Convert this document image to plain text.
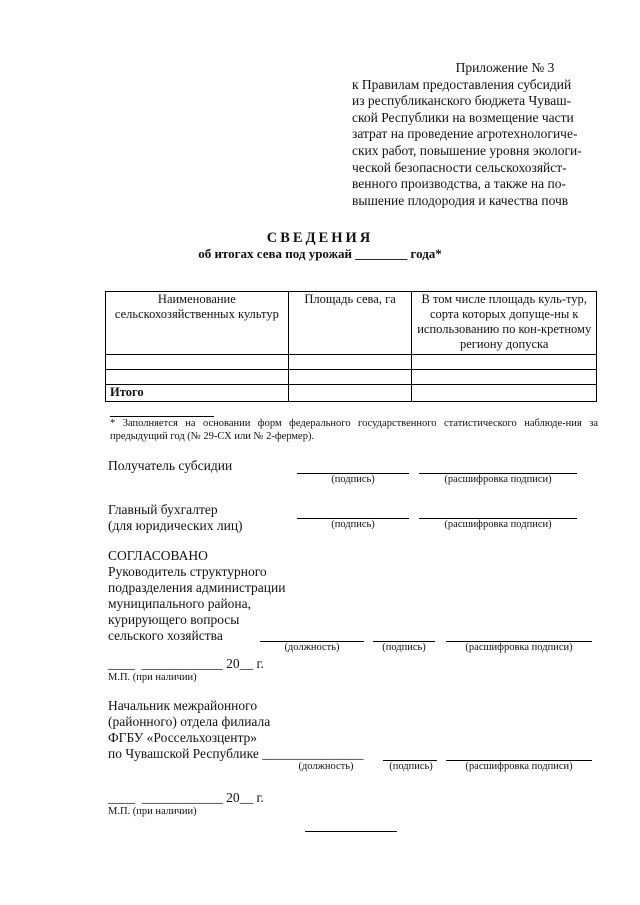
Приложение № 3
к Правилам предоставления субсидий
из республиканского бюджета Чуваш-
ской Республики на возмещение части
затрат на проведение агротехнологиче-
ских работ, повышение уровня экологи-
ческой безопасности сельскохозяйст-
венного производства, а также на по-
вышение плодородия и качества почв
СВЕДЕНИЯ
об итогах сева под урожай ________ года*
Наименование сельскохозяйственных культур	Площадь сева, га	В том числе площадь куль-тур, сорта которых допуще-ны к использованию по кон-кретному региону допуска

Итого		
* Заполняется на основании форм федерального государственного статистического наблюде-ния за предыдущий год (№ 29-СХ или № 2-фермер).
Получатель субсидии
(подпись)	(расшифровка подписи)
Главный бухгалтер
(для юридических лиц)	(подпись)	(расшифровка подписи)
СОГЛАСОВАНО
Руководитель структурного
подразделения администрации
муниципального района,
курирующего вопросы
сельского хозяйства
(должность)	(подпись)	(расшифровка подписи)
____  ____________ 20__ г.
М.П. (при наличии)
Начальник межрайонного
(районного) отдела филиала
ФГБУ «Россельхозцентр»
по Чувашской Республике _______________
(должность)	(подпись)	(расшифровка подписи)
____  ____________ 20__ г.
М.П. (при наличии)
